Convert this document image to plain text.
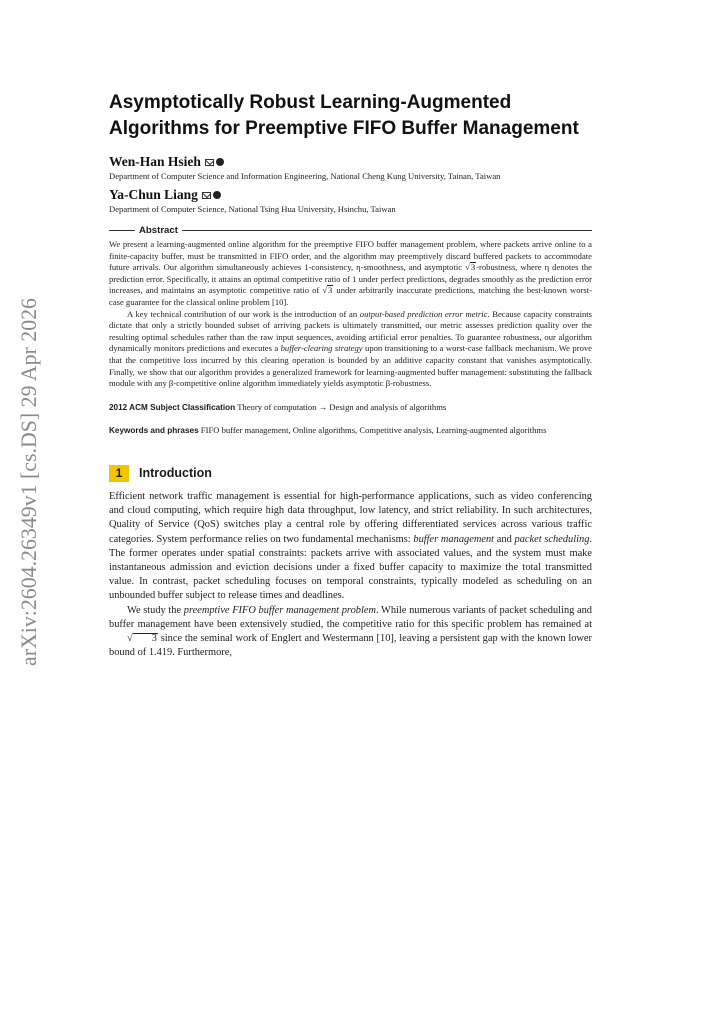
arXiv:2604.26349v1 [cs.DS] 29 Apr 2026
Asymptotically Robust Learning-Augmented Algorithms for Preemptive FIFO Buffer Management
Wen-Han Hsieh
Department of Computer Science and Information Engineering, National Cheng Kung University, Tainan, Taiwan
Ya-Chun Liang
Department of Computer Science, National Tsing Hua University, Hsinchu, Taiwan
Abstract

We present a learning-augmented online algorithm for the preemptive FIFO buffer management problem, where packets arrive online to a finite-capacity buffer, must be transmitted in FIFO order, and the algorithm may preemptively discard buffered packets to accommodate future arrivals. Our algorithm simultaneously achieves 1-consistency, η-smoothness, and asymptotic √3-robustness, where η denotes the prediction error. Specifically, it attains an optimal competitive ratio of 1 under perfect predictions, degrades smoothly as the prediction error increases, and maintains an asymptotic competitive ratio of √3 under arbitrarily inaccurate predictions, matching the best-known worst-case guarantee for the classical online problem [10].

A key technical contribution of our work is the introduction of an output-based prediction error metric. Because capacity constraints dictate that only a strictly bounded subset of arriving packets is ultimately transmitted, our metric assesses prediction quality over the resulting optimal schedules rather than the raw input sequences, avoiding artificial error penalties. To guarantee robustness, our algorithm dynamically monitors predictions and executes a buffer-clearing strategy upon transitioning to a worst-case fallback mechanism. We prove that the competitive loss incurred by this clearing operation is bounded by an additive capacity constant that vanishes asymptotically. Finally, we show that our algorithm provides a generalized framework for learning-augmented buffer management: substituting the fallback module with any β-competitive online algorithm immediately yields asymptotic β-robustness.

2012 ACM Subject Classification Theory of computation → Design and analysis of algorithms
Keywords and phrases FIFO buffer management, Online algorithms, Competitive analysis, Learning-augmented algorithms
1	Introduction

Efficient network traffic management is essential for high-performance applications, such as video conferencing and cloud computing, which require high data throughput, low latency, and strict reliability. In such architectures, Quality of Service (QoS) switches play a central role by offering differentiated services across various traffic categories. System performance relies on two fundamental mechanisms: buffer management and packet scheduling. The former operates under spatial constraints: packets arrive with associated values, and the system must make instantaneous admission and eviction decisions under a fixed buffer capacity to maximize the total transmitted value. In contrast, packet scheduling focuses on temporal constraints, typically modeled as scheduling on an unbounded buffer subject to release times and deadlines.

We study the preemptive FIFO buffer management problem. While numerous variants of packet scheduling and buffer management have been extensively studied, the competitive ratio for this specific problem has remained at √ 3 since the seminal work of Englert and Westermann [10], leaving a persistent gap with the known lower bound of 1.419. Furthermore,
